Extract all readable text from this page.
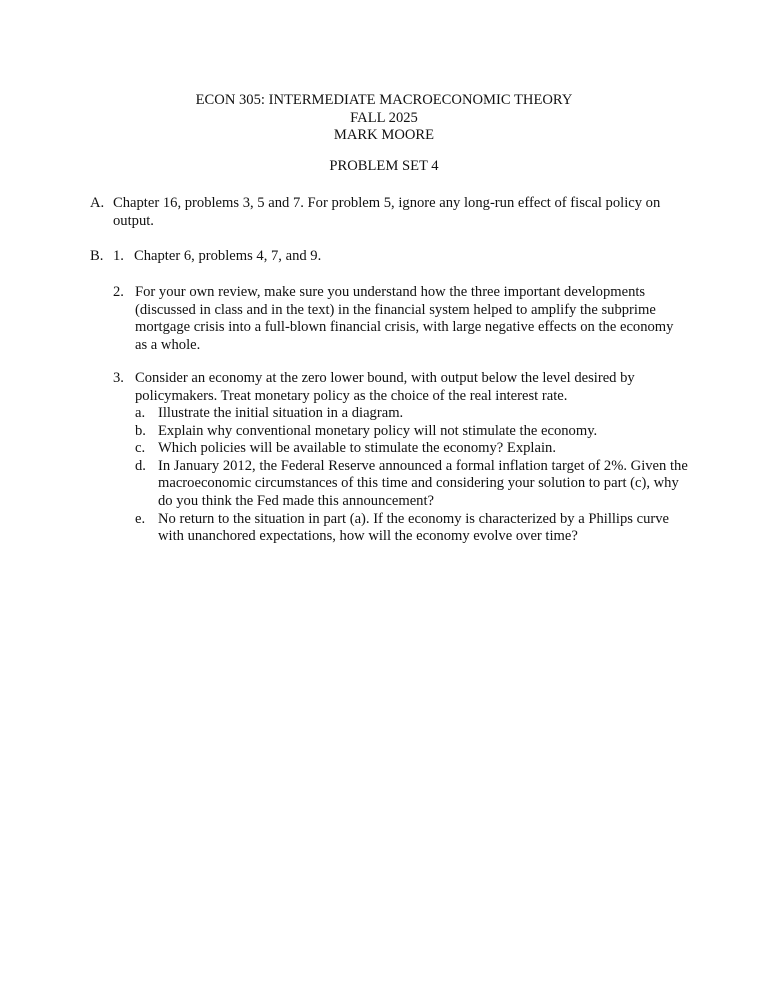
ECON 305: INTERMEDIATE MACROECONOMIC THEORY
FALL 2025
MARK MOORE
PROBLEM SET 4
A. Chapter 16, problems 3, 5 and 7. For problem 5, ignore any long-run effect of fiscal policy on output.
B. 1. Chapter 6, problems 4, 7, and 9.
2. For your own review, make sure you understand how the three important developments (discussed in class and in the text) in the financial system helped to amplify the subprime mortgage crisis into a full-blown financial crisis, with large negative effects on the economy as a whole.
3. Consider an economy at the zero lower bound, with output below the level desired by policymakers. Treat monetary policy as the choice of the real interest rate.
a. Illustrate the initial situation in a diagram.
b. Explain why conventional monetary policy will not stimulate the economy.
c. Which policies will be available to stimulate the economy? Explain.
d. In January 2012, the Federal Reserve announced a formal inflation target of 2%. Given the macroeconomic circumstances of this time and considering your solution to part (c), why do you think the Fed made this announcement?
e. No return to the situation in part (a). If the economy is characterized by a Phillips curve with unanchored expectations, how will the economy evolve over time?
